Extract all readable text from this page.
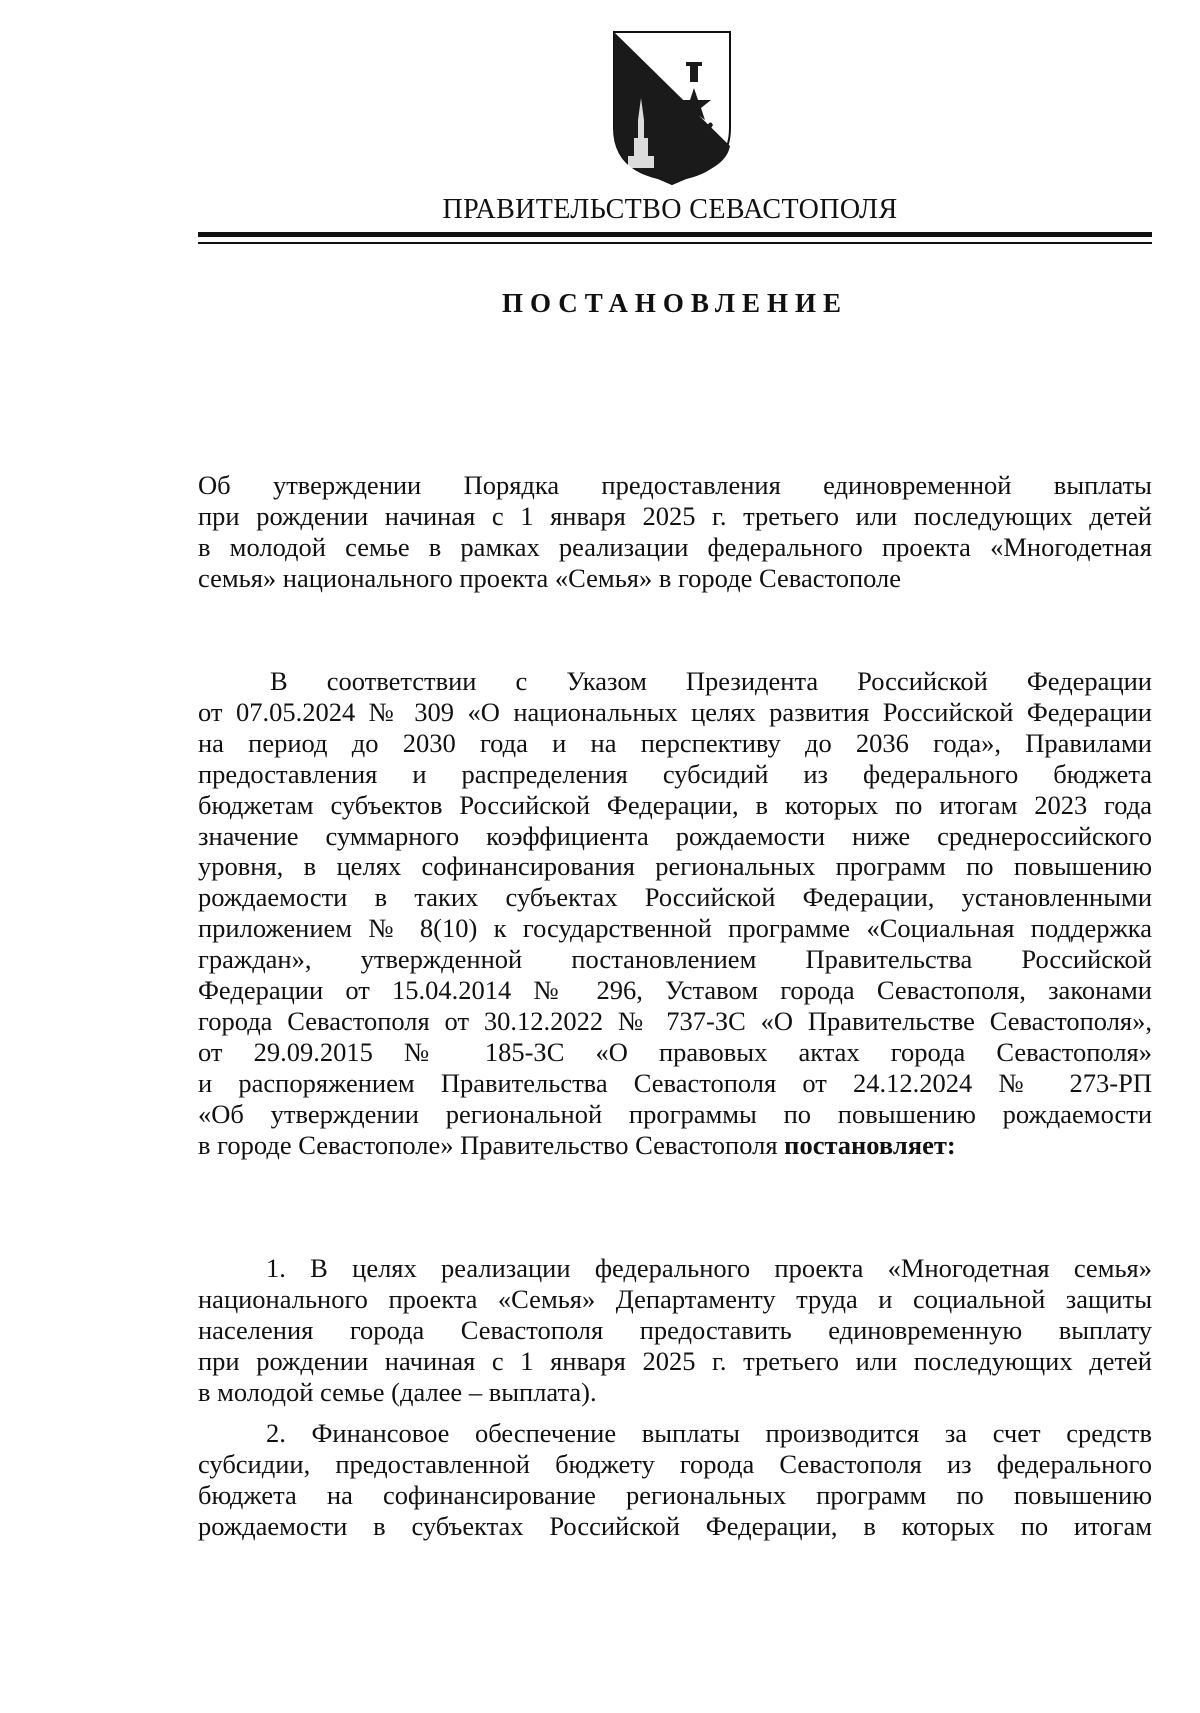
ПРАВИТЕЛЬСТВО СЕВАСТОПОЛЯ
ПОСТАНОВЛЕНИЕ
Об утверждении Порядка предоставления единовременной выплаты
при рождении начиная с 1 января 2025 г. третьего или последующих детей
в молодой семье в рамках реализации федерального проекта «Многодетная
семья» национального проекта «Семья» в городе Севастополе
В соответствии с Указом Президента Российской Федерации
от 07.05.2024 № 309 «О национальных целях развития Российской Федерации
на период до 2030 года и на перспективу до 2036 года», Правилами
предоставления и распределения субсидий из федерального бюджета
бюджетам субъектов Российской Федерации, в которых по итогам 2023 года
значение суммарного коэффициента рождаемости ниже среднероссийского
уровня, в целях софинансирования региональных программ по повышению
рождаемости в таких субъектах Российской Федерации, установленными
приложением № 8(10) к государственной программе «Социальная поддержка
граждан», утвержденной постановлением Правительства Российской
Федерации от 15.04.2014 № 296, Уставом города Севастополя, законами
города Севастополя от 30.12.2022 № 737-ЗС «О Правительстве Севастополя»,
от 29.09.2015 № 185-ЗС «О правовых актах города Севастополя»
и распоряжением Правительства Севастополя от 24.12.2024 № 273-РП
«Об утверждении региональной программы по повышению рождаемости
в городе Севастополе» Правительство Севастополя постановляет:
1. В целях реализации федерального проекта «Многодетная семья»
национального проекта «Семья» Департаменту труда и социальной защиты
населения города Севастополя предоставить единовременную выплату
при рождении начиная с 1 января 2025 г. третьего или последующих детей
в молодой семье (далее – выплата).
2. Финансовое обеспечение выплаты производится за счет средств
субсидии, предоставленной бюджету города Севастополя из федерального
бюджета на софинансирование региональных программ по повышению
рождаемости в субъектах Российской Федерации, в которых по итогам
